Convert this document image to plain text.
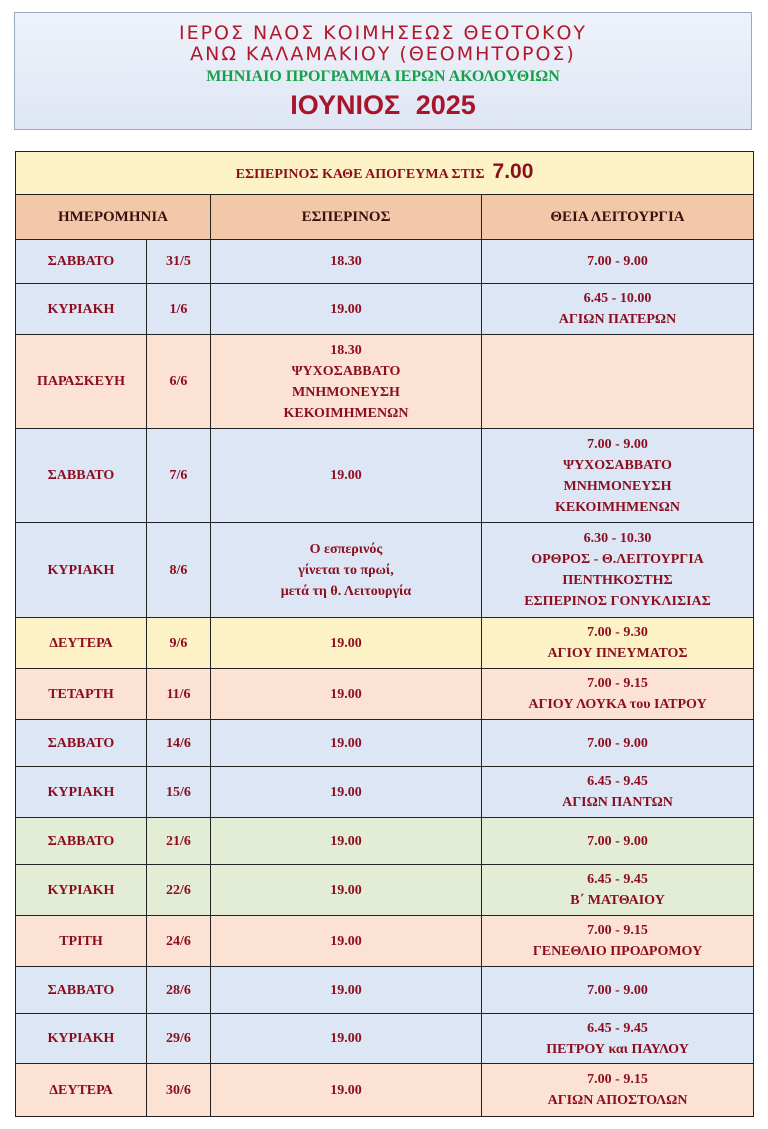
ΙΕΡΟΣ ΝΑΟΣ ΚΟΙΜΗΣΕΩΣ ΘΕΟΤΟΚΟΥ
ΑΝΩ ΚΑΛΑΜΑΚΙΟΥ (ΘΕΟΜΗΤΟΡΟΣ)
ΜΗΝΙΑΙΟ ΠΡΟΓΡΑΜΜΑ ΙΕΡΩΝ ΑΚΟΛΟΥΘΙΩΝ
ΙΟΥΝΙΟΣ 2025
ΕΣΠΕΡΙΝΟΣ ΚΑΘΕ ΑΠΟΓΕΥΜΑ ΣΤΙΣ 7.00			
ΗΜΕΡΟΜΗΝΙΑ		ΕΣΠΕΡΙΝΟΣ	ΘΕΙΑ ΛΕΙΤΟΥΡΓΙΑ
ΣΑΒΒΑΤΟ	31/5	18.30	7.00 - 9.00

ΚΥΡΙΑΚΗ	1/6	19.00	6.45 - 10.00
ΑΓΙΩΝ ΠΑΤΕΡΩΝ

ΠΑΡΑΣΚΕΥΗ	6/6	18.30
ΨΥΧΟΣΑΒΒΑΤΟ
ΜΝΗΜΟΝΕΥΣΗ
ΚΕΚΟΙΜΗΜΕΝΩΝ	

ΣΑΒΒΑΤΟ	7/6	19.00	7.00 - 9.00
ΨΥΧΟΣΑΒΒΑΤΟ
ΜΝΗΜΟΝΕΥΣΗ
ΚΕΚΟΙΜΗΜΕΝΩΝ

ΚΥΡΙΑΚΗ	8/6	Ο εσπερινός
γίνεται το πρωί,
μετά τη θ. Λειτουργία	6.30 - 10.30
ΟΡΘΡΟΣ - Θ.ΛΕΙΤΟΥΡΓΙΑ
ΠΕΝΤΗΚΟΣΤΗΣ
ΕΣΠΕΡΙΝΟΣ ΓΟΝΥΚΛΙΣΙΑΣ

ΔΕΥΤΕΡΑ	9/6	19.00	7.00 - 9.30
ΑΓΙΟΥ ΠΝΕΥΜΑΤΟΣ

ΤΕΤΑΡΤΗ	11/6	19.00	7.00 - 9.15
ΑΓΙΟΥ ΛΟΥΚΑ του ΙΑΤΡΟΥ

ΣΑΒΒΑΤΟ	14/6	19.00	7.00 - 9.00

ΚΥΡΙΑΚΗ	15/6	19.00	6.45 - 9.45
ΑΓΙΩΝ ΠΑΝΤΩΝ

ΣΑΒΒΑΤΟ	21/6	19.00	7.00 - 9.00

ΚΥΡΙΑΚΗ	22/6	19.00	6.45 - 9.45
Β΄ ΜΑΤΘΑΙΟΥ

ΤΡΙΤΗ	24/6	19.00	7.00 - 9.15
ΓΕΝΕΘΛΙΟ ΠΡΟΔΡΟΜΟΥ

ΣΑΒΒΑΤΟ	28/6	19.00	7.00 - 9.00

ΚΥΡΙΑΚΗ	29/6	19.00	6.45 - 9.45
ΠΕΤΡΟΥ και ΠΑΥΛΟΥ

ΔΕΥΤΕΡΑ	30/6	19.00	7.00 - 9.15
ΑΓΙΩΝ ΑΠΟΣΤΟΛΩΝ
